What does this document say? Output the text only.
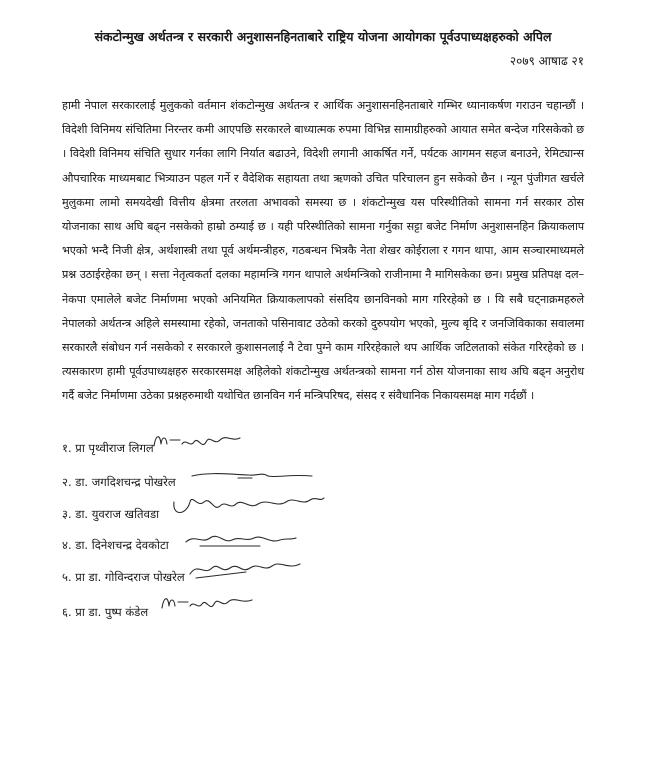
संकटोन्मुख अर्थतन्त्र र सरकारी अनुशासनहिनताबारे राष्ट्रिय योजना आयोगका पूर्वउपाध्यक्षहरुको अपिल
२०७९ आषाढ २१
हामी नेपाल सरकारलाई मुलुकको वर्तमान शंकटोन्मुख अर्थतन्त्र र आर्थिक अनुशासनहिनताबारे गम्भिर ध्यानाकर्षण गराउन चहान्छौं । विदेशी विनिमय संचितिमा निरन्तर कमी आएपछि सरकारले बाध्यात्मक रुपमा विभिन्न सामाग्रीहरुको आयात समेत बन्देज गरिसकेको छ । विदेशी विनिमय संचिति सुधार गर्नका लागि निर्यात बढाउने, विदेशी लगानी आकर्षित गर्ने, पर्यटक आगमन सहज बनाउने, रेमिट्यान्स औपचारिक माध्यमबाट भित्र्याउन पहल गर्ने र वैदेशिक सहायता तथा ऋणको उचित परिचालन हुन सकेको छैन । न्यून पुंजीगत खर्चले मुलुकमा लामो समयदेखी वित्तीय क्षेत्रमा तरलता अभावको समस्या छ । शंकटोन्मुख यस परिस्थीतिको सामना गर्न सरकार ठोस योजनाका साथ अघि बढ्न नसकेको हाम्रो ठम्याई छ । यही परिस्थीतिको सामना गर्नुका सट्टा बजेट निर्माण अनुशासनहिन क्रियाकलाप भएको भन्दै निजी क्षेत्र, अर्थशास्त्री तथा पूर्व अर्थमन्त्रीहरु, गठबन्धन भित्रकै नेता शेखर कोईराला र गगन थापा, आम सञ्चारमाध्यमले प्रश्न उठाईरहेका छन् । सत्ता नेतृत्वकर्ता दलका महामन्त्रि गगन थापाले अर्थमन्त्रिको राजीनामा नै मागिसकेका छन। प्रमुख प्रतिपक्ष दल– नेकपा एमालेले बजेट निर्माणमा भएको अनियमित क्रियाकलापको संसदिय छानविनको माग गरिरहेको छ । यि सबै घट्नाक्रमहरुले नेपालको अर्थतन्त्र अहिले समस्यामा रहेको, जनताको पसिनावाट उठेको करको दुरुपयोग भएको, मुल्य बृदि र जनजिविकाका सवालमा सरकारलै संबोधन गर्न नसकेको र सरकारले कुशासनलाई नै टेवा पुग्ने काम गरिरहेकाले थप आर्थिक जटिलताको संकेत गरिरहेको छ । त्यसकारण हामी पूर्वउपाध्यक्षहरु सरकारसमक्ष अहिलेको शंकटोन्मुख अर्थतन्त्रको सामना गर्न ठोस योजनाका साथ अघि बढ्न अनुरोध गर्दै बजेट निर्माणमा उठेका प्रश्नहरुमाथी यथोचित छानविन गर्न मन्त्रिपरिषद, संसद र संवैधानिक निकायसमक्ष माग गर्दछौं ।
१. प्रा पृथ्वीराज लिगल
२. डा. जगदिशचन्द्र पोखरेल
३. डा. युवराज खतिवडा
४. डा. दिनेशचन्द्र देवकोटा
५. प्रा डा. गोविन्दराज पोखरेल
६. प्रा डा. पुष्प कंडेल
